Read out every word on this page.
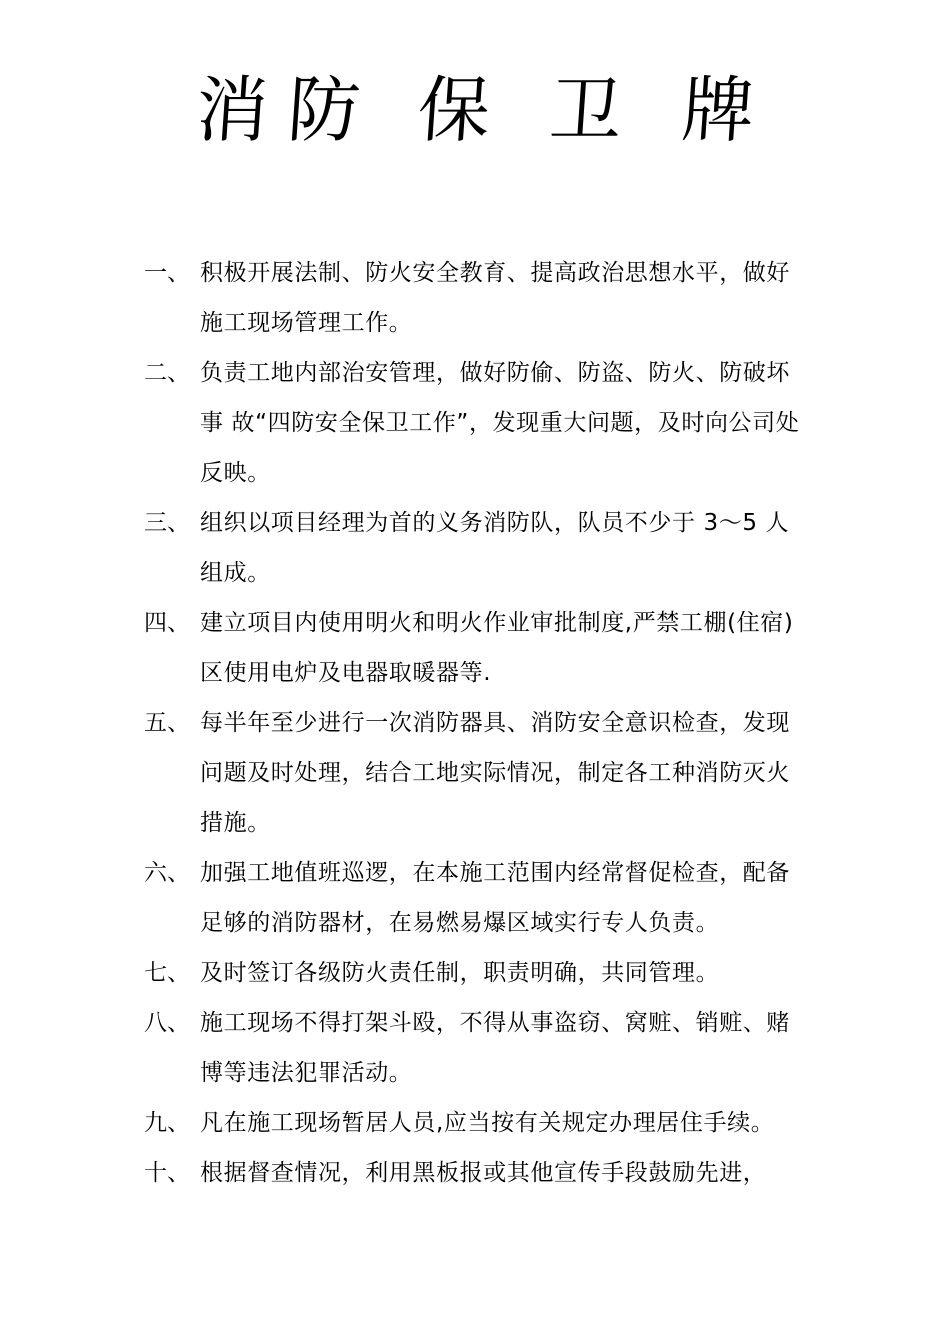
消 防 保 卫 牌
一、 积极开展法制、防火安全教育、提高政治思想水平，做好施工现场管理工作。
二、 负责工地内部治安管理，做好防偷、防盗、防火、防破坏事 故“四防安全保卫工作”，发现重大问题，及时向公司处反映。
三、 组织以项目经理为首的义务消防队，队员不少于 3～5 人组成。
四、 建立项目内使用明火和明火作业审批制度,严禁工棚(住宿)区使用电炉及电器取暖器等.
五、 每半年至少进行一次消防器具、消防安全意识检查，发现问题及时处理，结合工地实际情况，制定各工种消防灭火措施。
六、 加强工地值班巡逻，在本施工范围内经常督促检查，配备足够的消防器材，在易燃易爆区域实行专人负责。
七、 及时签订各级防火责任制，职责明确，共同管理。
八、 施工现场不得打架斗殴，不得从事盗窃、窝赃、销赃、赌博等违法犯罪活动。
九、 凡在施工现场暂居人员,应当按有关规定办理居住手续。
十、 根据督查情况，利用黑板报或其他宣传手段鼓励先进，
